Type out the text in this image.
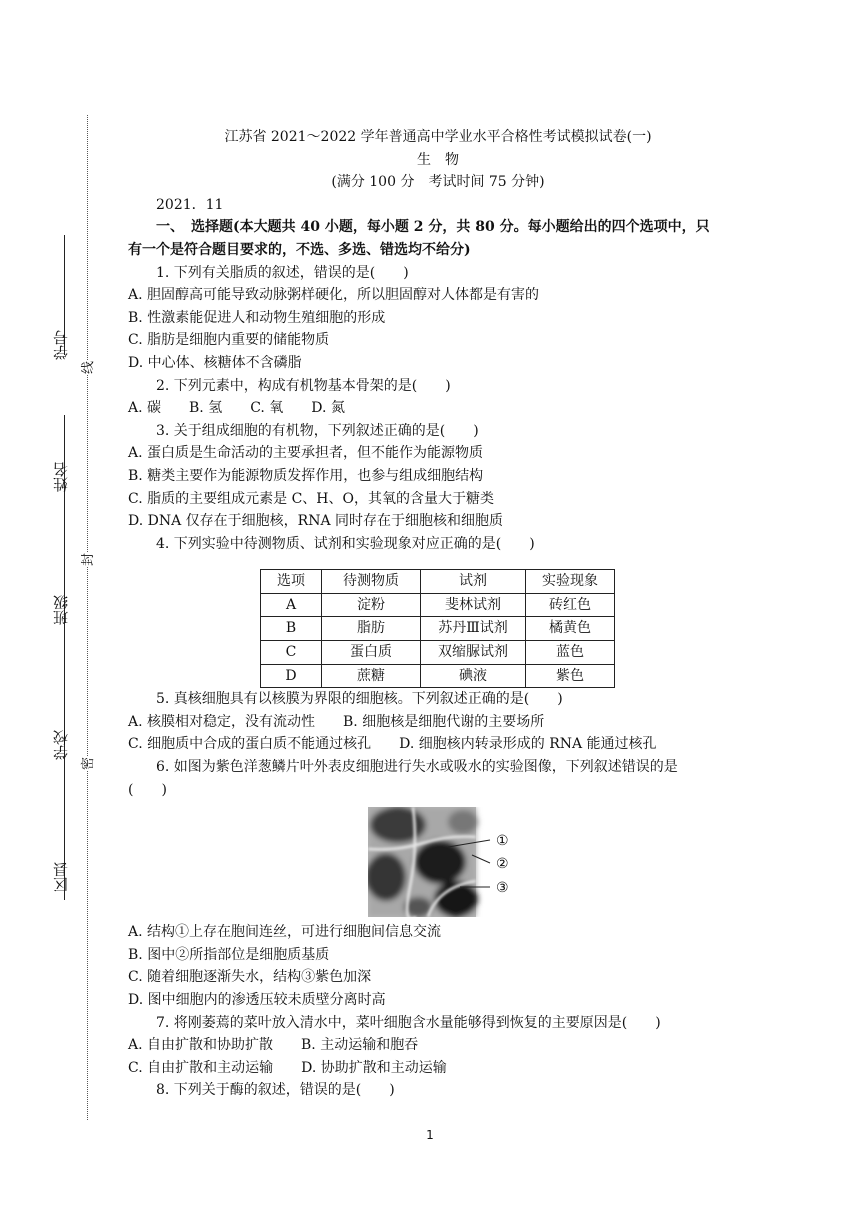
学号
姓名
班级
学校
区县
线
封
密
江苏省 2021～2022 学年普通高中学业水平合格性考试模拟试卷(一)
生　物
(满分 100 分　考试时间 75 分钟)
2021．11
一、　选择题(本大题共 40 小题，每小题 2 分，共 80 分。每小题给出的四个选项中，只
有一个是符合题目要求的，不选、多选、错选均不给分)
1. 下列有关脂质的叙述，错误的是(　　)
A. 胆固醇高可能导致动脉粥样硬化，所以胆固醇对人体都是有害的
B. 性激素能促进人和动物生殖细胞的形成
C. 脂肪是细胞内重要的储能物质
D. 中心体、核糖体不含磷脂
2. 下列元素中，构成有机物基本骨架的是(　　)
A. 碳　　B. 氢　　C. 氧　　D. 氮
3. 关于组成细胞的有机物，下列叙述正确的是(　　)
A. 蛋白质是生命活动的主要承担者，但不能作为能源物质
B. 糖类主要作为能源物质发挥作用，也参与组成细胞结构
C. 脂质的主要组成元素是 C、H、O，其氧的含量大于糖类
D. DNA 仅存在于细胞核，RNA 同时存在于细胞核和细胞质
4. 下列实验中待测物质、试剂和实验现象对应正确的是(　　)
选项	待测物质	试剂	实验现象
A	淀粉	斐林试剂	砖红色
B	脂肪	苏丹Ⅲ试剂	橘黄色
C	蛋白质	双缩脲试剂	蓝色
D	蔗糖	碘液	紫色
5. 真核细胞具有以核膜为界限的细胞核。下列叙述正确的是(　　)
A. 核膜相对稳定，没有流动性　　B. 细胞核是细胞代谢的主要场所
C. 细胞质中合成的蛋白质不能通过核孔　　D. 细胞核内转录形成的 RNA 能通过核孔
6. 如图为紫色洋葱鳞片叶外表皮细胞进行失水或吸水的实验图像，下列叙述错误的是
(　　)
①
②
③
A. 结构①上存在胞间连丝，可进行细胞间信息交流
B. 图中②所指部位是细胞质基质
C. 随着细胞逐渐失水，结构③紫色加深
D. 图中细胞内的渗透压较未质壁分离时高
7. 将刚萎蔫的菜叶放入清水中，菜叶细胞含水量能够得到恢复的主要原因是(　　)
A. 自由扩散和协助扩散　　B. 主动运输和胞吞
C. 自由扩散和主动运输　　D. 协助扩散和主动运输
8. 下列关于酶的叙述，错误的是(　　)
1
